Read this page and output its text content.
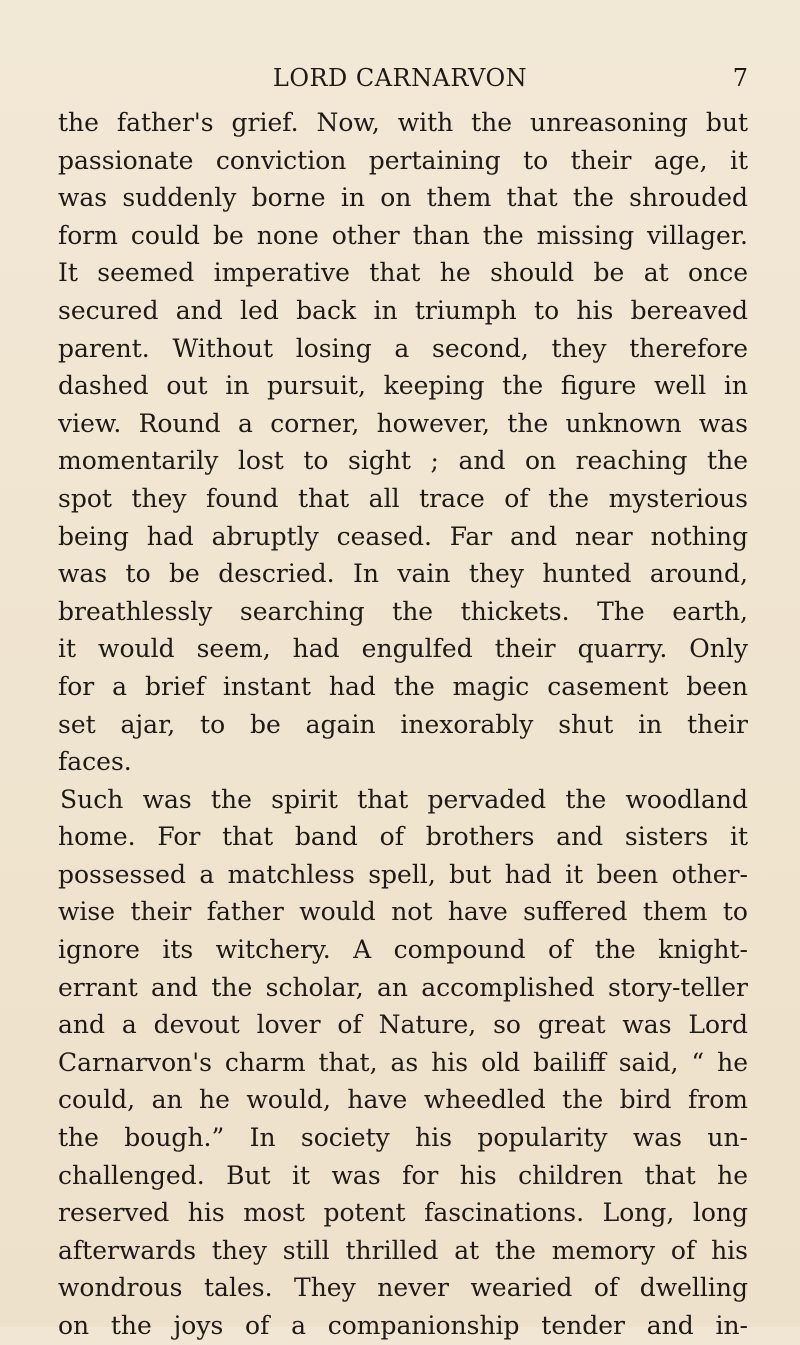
LORD CARNARVON	7
the father's grief. Now, with the unreasoning but
passionate conviction pertaining to their age, it
was suddenly borne in on them that the shrouded
form could be none other than the missing villager.
It seemed imperative that he should be at once
secured and led back in triumph to his bereaved
parent. Without losing a second, they therefore
dashed out in pursuit, keeping the figure well in
view. Round a corner, however, the unknown was
momentarily lost to sight ; and on reaching the
spot they found that all trace of the mysterious
being had abruptly ceased. Far and near nothing
was to be descried. In vain they hunted around,
breathlessly searching the thickets. The earth,
it would seem, had engulfed their quarry. Only
for a brief instant had the magic casement been
set ajar, to be again inexorably shut in their
faces.
Such was the spirit that pervaded the woodland
home. For that band of brothers and sisters it
possessed a matchless spell, but had it been other-
wise their father would not have suffered them to
ignore its witchery. A compound of the knight-
errant and the scholar, an accomplished story-teller
and a devout lover of Nature, so great was Lord
Carnarvon's charm that, as his old bailiff said, “ he
could, an he would, have wheedled the bird from
the bough.” In society his popularity was un-
challenged. But it was for his children that he
reserved his most potent fascinations. Long, long
afterwards they still thrilled at the memory of his
wondrous tales. They never wearied of dwelling
on the joys of a companionship tender and in-
